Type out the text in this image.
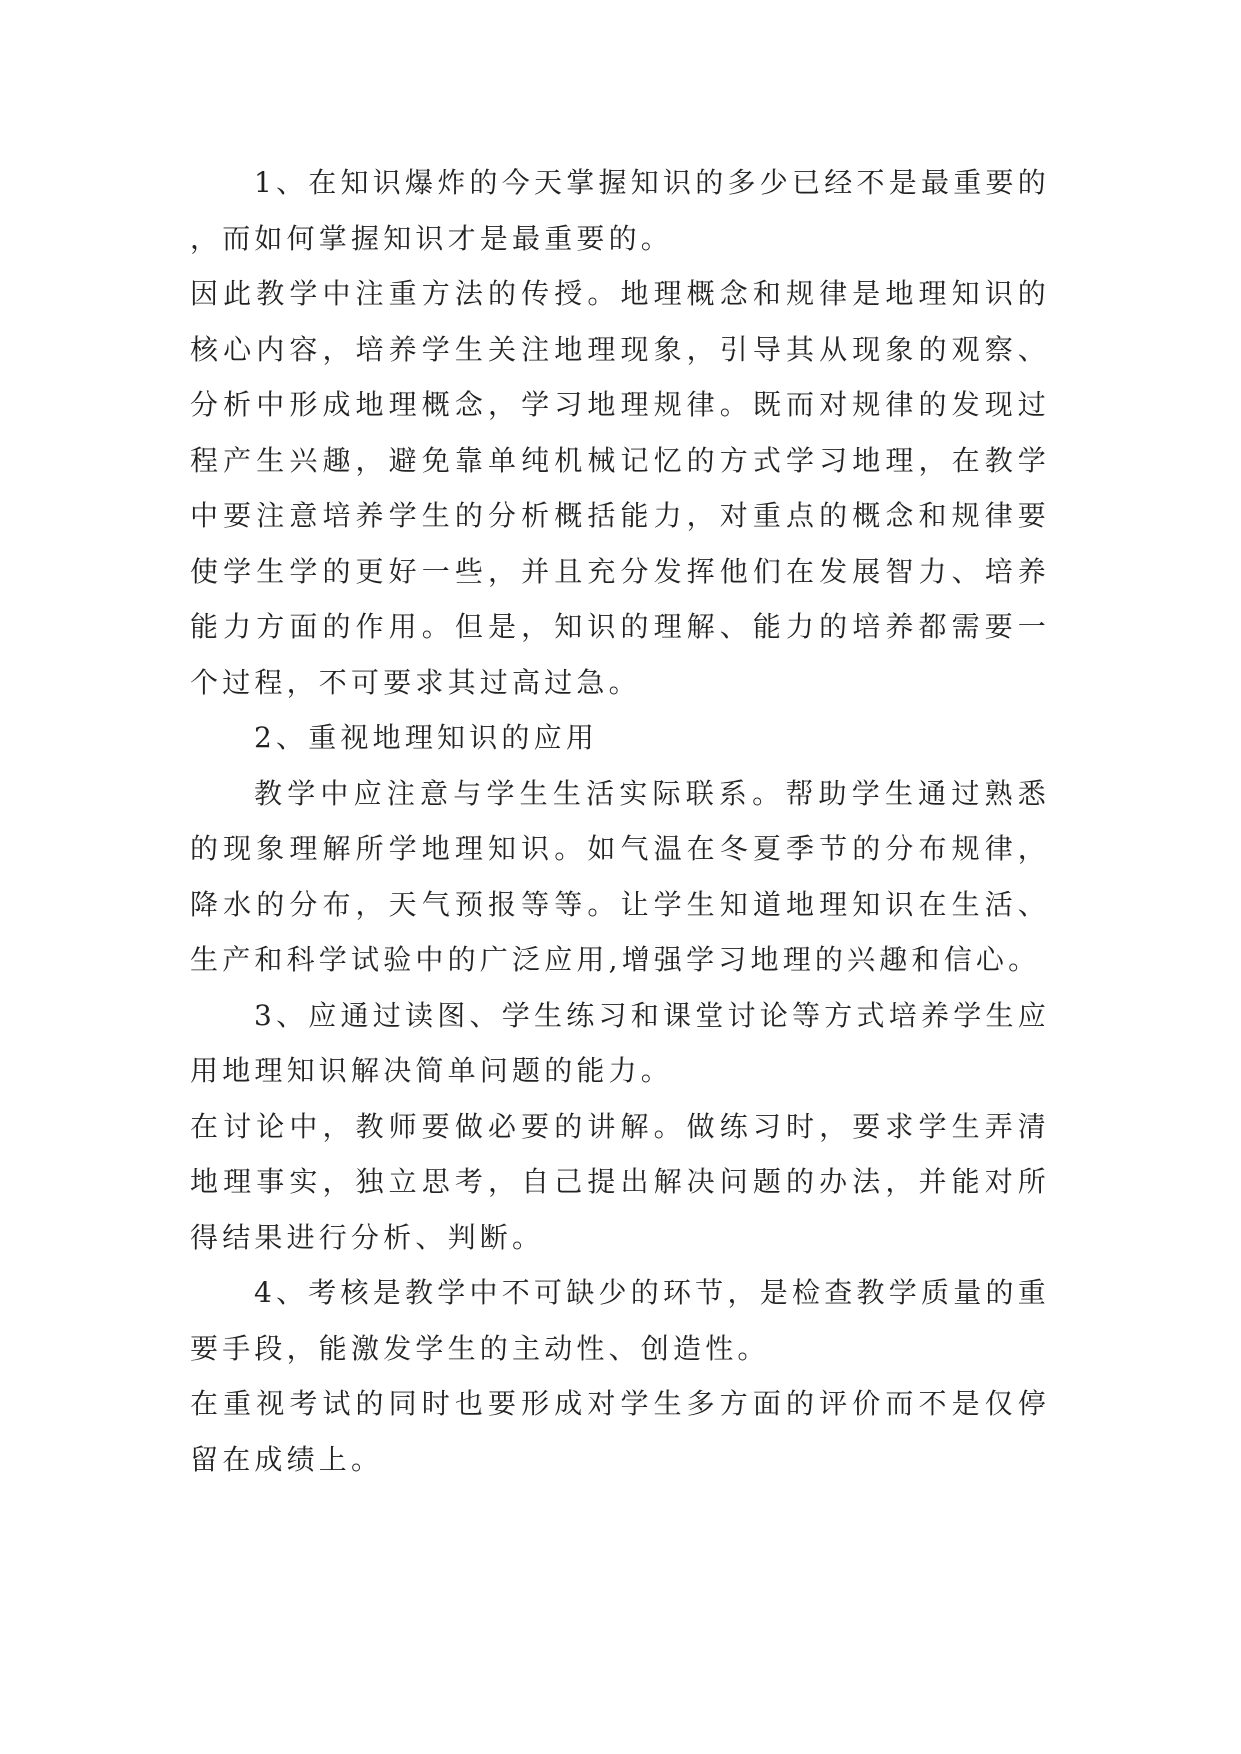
1、在知识爆炸的今天掌握知识的多少已经不是最重要的，而如何掌握知识才是最重要的。

因此教学中注重方法的传授。地理概念和规律是地理知识的核心内容，培养学生关注地理现象，引导其从现象的观察、分析中形成地理概念，学习地理规律。既而对规律的发现过程产生兴趣，避免靠单纯机械记忆的方式学习地理，在教学中要注意培养学生的分析概括能力，对重点的概念和规律要使学生学的更好一些，并且充分发挥他们在发展智力、培养能力方面的作用。但是，知识的理解、能力的培养都需要一个过程，不可要求其过高过急。

2、重视地理知识的应用

教学中应注意与学生生活实际联系。帮助学生通过熟悉的现象理解所学地理知识。如气温在冬夏季节的分布规律，降水的分布，天气预报等等。让学生知道地理知识在生活、生产和科学试验中的广泛应用,增强学习地理的兴趣和信心。

3、应通过读图、学生练习和课堂讨论等方式培养学生应用地理知识解决简单问题的能力。

在讨论中，教师要做必要的讲解。做练习时，要求学生弄清地理事实，独立思考，自己提出解决问题的办法，并能对所得结果进行分析、判断。

4、考核是教学中不可缺少的环节，是检查教学质量的重要手段，能激发学生的主动性、创造性。

在重视考试的同时也要形成对学生多方面的评价而不是仅停留在成绩上。
